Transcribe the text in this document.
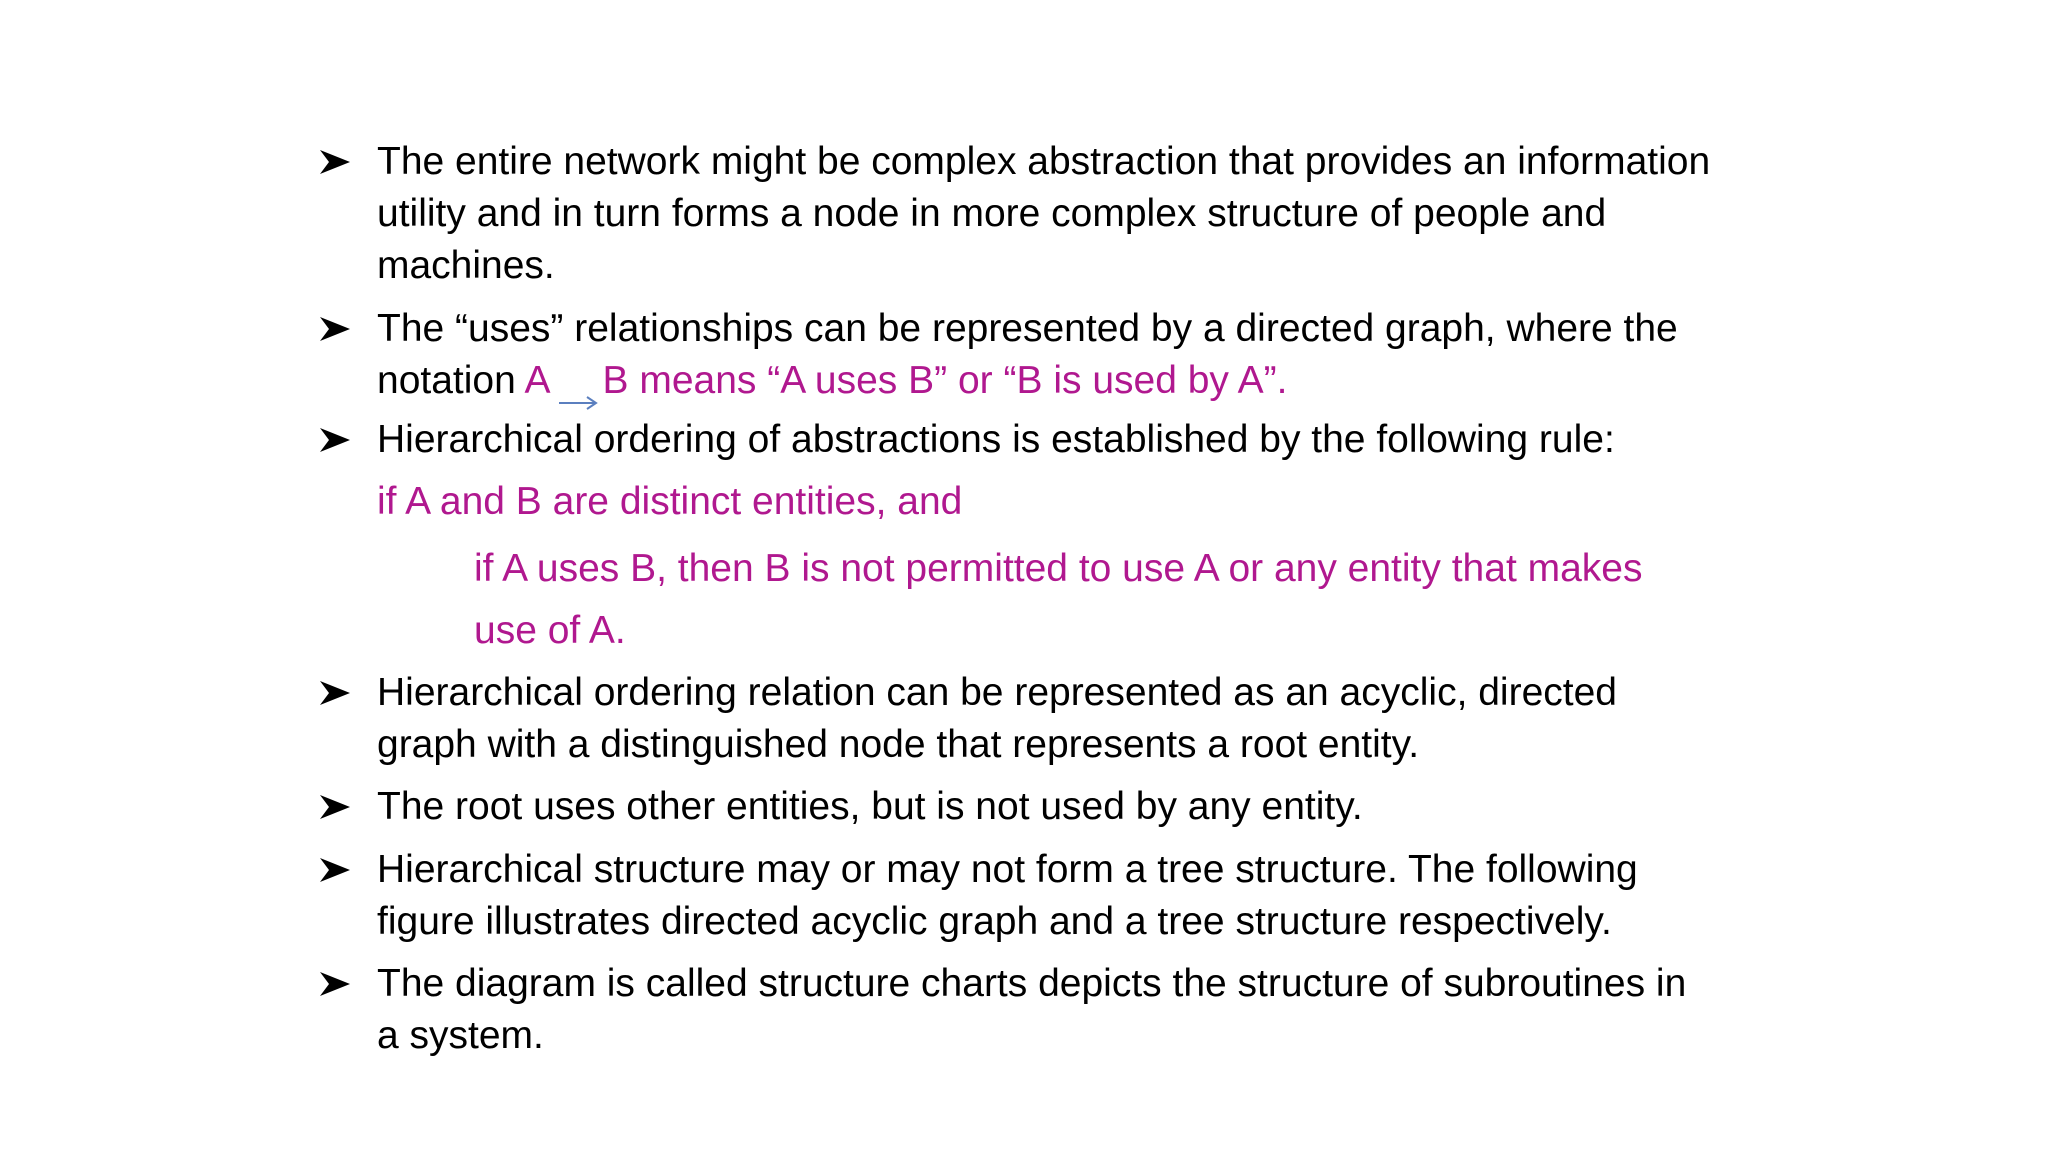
The entire network might be complex abstraction that provides an information utility and in turn forms a node in more complex structure of people and machines.
The “uses” relationships can be represented by a directed graph, where the notation A B means “A uses B” or “B is used by A”.
Hierarchical ordering of abstractions is established by the following rule:
if A and B are distinct entities, and
if A uses B, then B is not permitted to use A or any entity that makes
use of A.
Hierarchical ordering relation can be represented as an acyclic, directed graph with a distinguished node that represents a root entity.
The root uses other entities, but is not used by any entity.
Hierarchical structure may or may not form a tree structure. The following figure illustrates directed acyclic graph and a tree structure respectively.
The diagram is called structure charts depicts the structure of subroutines in a system.
